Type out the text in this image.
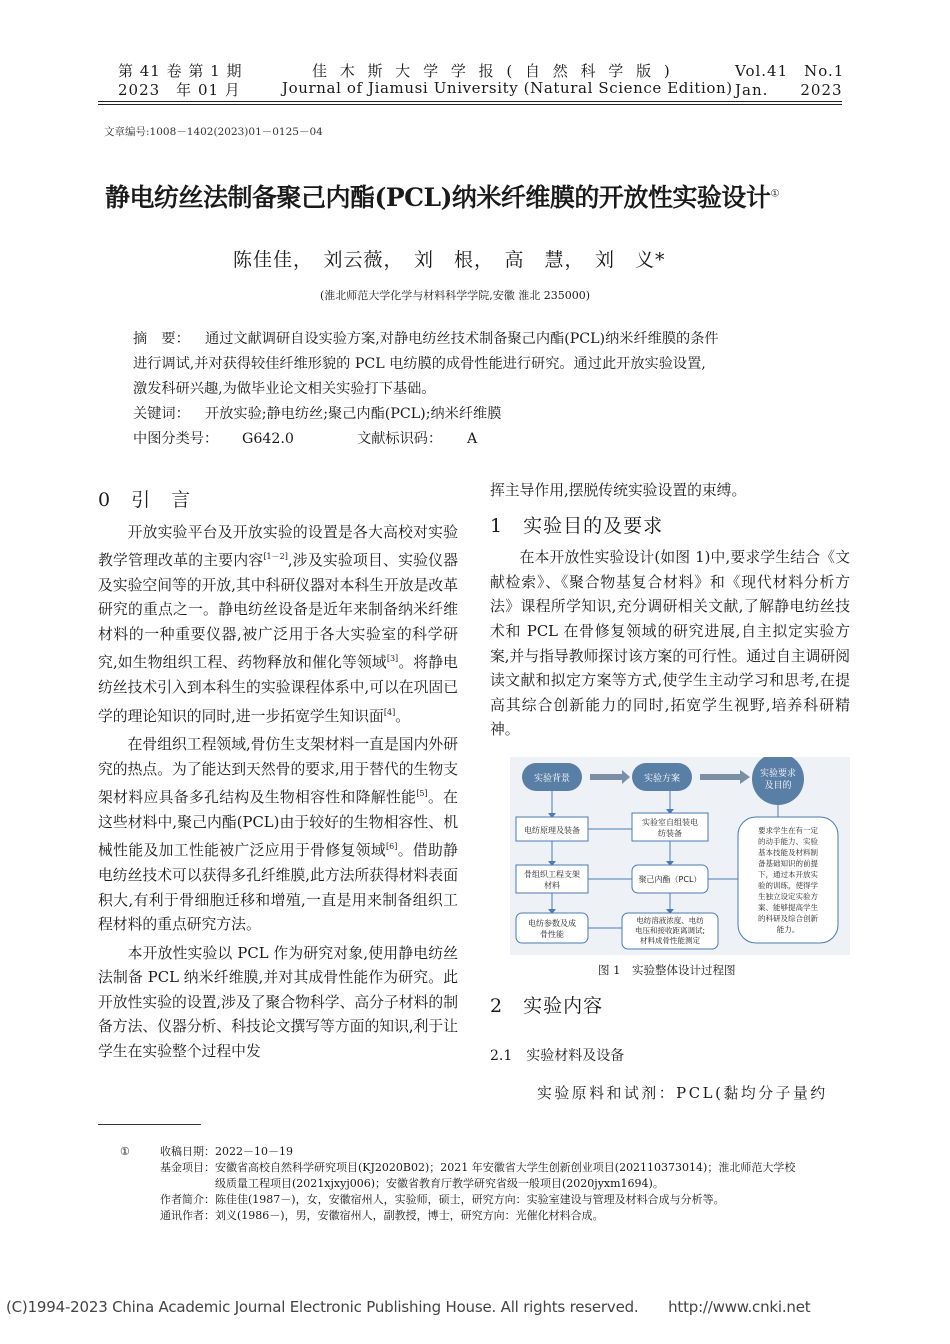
第 41 卷 第 1 期
2023　年 01 月
佳 木 斯 大 学 学 报 ( 自 然 科 学 版 )
Journal of Jiamusi University (Natural Science Edition)
Vol.41　No.1
Jan.　　2023
文章编号:1008－1402(2023)01－0125－04
静电纺丝法制备聚己内酯(PCL)纳米纤维膜的开放性实验设计①
陈佳佳，　刘云薇，　刘　根，　高　慧，　刘　义*
(淮北师范大学化学与材料科学学院,安徽 淮北 235000)
摘　要： 通过文献调研自设实验方案,对静电纺丝技术制备聚己内酯(PCL)纳米纤维膜的条件
进行调试,并对获得较佳纤维形貌的 PCL 电纺膜的成骨性能进行研究。通过此开放实验设置,
激发科研兴趣,为做毕业论文相关实验打下基础。
关键词： 开放实验;静电纺丝;聚己内酯(PCL);纳米纤维膜
中图分类号： G642.0	文献标识码： A
0　引　言

开放实验平台及开放实验的设置是各大高校对实验教学管理改革的主要内容[1－2],涉及实验项目、实验仪器及实验空间等的开放,其中科研仪器对本科生开放是改革研究的重点之一。静电纺丝设备是近年来制备纳米纤维材料的一种重要仪器,被广泛用于各大实验室的科学研究,如生物组织工程、药物释放和催化等领域[3]。将静电纺丝技术引入到本科生的实验课程体系中,可以在巩固已学的理论知识的同时,进一步拓宽学生知识面[4]。

在骨组织工程领域,骨仿生支架材料一直是国内外研究的热点。为了能达到天然骨的要求,用于替代的生物支架材料应具备多孔结构及生物相容性和降解性能[5]。在这些材料中,聚己内酯(PCL)由于较好的生物相容性、机械性能及加工性能被广泛应用于骨修复领域[6]。借助静电纺丝技术可以获得多孔纤维膜,此方法所获得材料表面积大,有利于骨细胞迁移和增殖,一直是用来制备组织工程材料的重点研究方法。

本开放性实验以 PCL 作为研究对象,使用静电纺丝法制备 PCL 纳米纤维膜,并对其成骨性能作为研究。此开放性实验的设置,涉及了聚合物科学、高分子材料的制备方法、仪器分析、科技论文撰写等方面的知识,利于让学生在实验整个过程中发

挥主导作用,摆脱传统实验设置的束缚。
1　实验目的及要求

在本开放性实验设计(如图 1)中,要求学生结合《文献检索》、《聚合物基复合材料》和《现代材料分析方法》课程所学知识,充分调研相关文献,了解静电纺丝技术和 PCL 在骨修复领域的研究进展,自主拟定实验方案,并与指导教师探讨该方案的可行性。通过自主调研阅读文献和拟定方案等方式,使学生主动学习和思考,在提高其综合创新能力的同时,拓宽学生视野,培养科研精神。

实验背景	实验方案	实验要求
及目的
电纺原理及装备
骨组织工程支架
材料
电纺参数及成
骨性能
实验室自组装电
纺装备
聚己内酯（PCL）
电纺溶液浓度、电纺
电压和接收距离调试;
材料成骨性能测定
要求学生在有一定
的动手能力、实验
基本技能及材料制
备基础知识的前提
下，通过本开放实
验的训练，使得学
生独立设定实验方
案、能够提高学生
的科研及综合创新
能力。
图 1　实验整体设计过程图
2　实验内容
2.1　实验材料及设备
实验原料和试剂：PCL(黏均分子量约
①	收稿日期：2022－10－19
基金项目：安徽省高校自然科学研究项目(KJ2020B02)；2021 年安徽省大学生创新创业项目(202110373014)；淮北师范大学校
级质量工程项目(2021xjxyj006)；安徽省教育厅教学研究省级一般项目(2020jyxm1694)。
作者简介：陈佳佳(1987－)，女，安徽宿州人，实验师，硕士，研究方向：实验室建设与管理及材料合成与分析等。
通讯作者：刘义(1986－)，男，安徽宿州人，副教授，博士，研究方向：光催化材料合成。
(C)1994-2023 China Academic Journal Electronic Publishing House. All rights reserved.　　http://www.cnki.net
